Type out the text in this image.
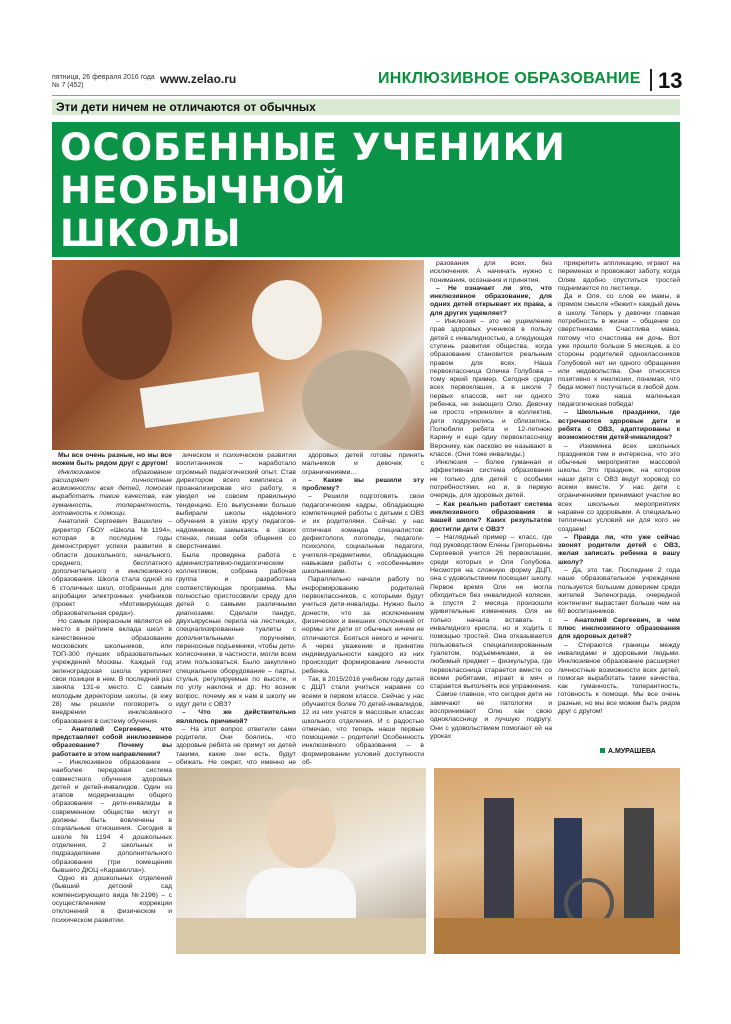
пятница, 26 февраля 2016 года
№ 7 (452)	www.zelao.ru	ИНКЛЮЗИВНОЕ ОБРАЗОВАНИЕ 13
Эти дети ничем не отличаются от обычных
ОСОБЕННЫЕ УЧЕНИКИ
НЕОБЫЧНОЙ
ШКОЛЫ

Мы все очень разные, но мы все можем быть рядом друг с другом!

Инклюзивное образование расширяет личностные возможности всех детей, помогая выработать такие качества, как гуманность, толерантность, готовность к помощи.

Анатолий Сергеевич Вашилин – директор ГБОУ «Школа №1194», которая в последние годы демонстрирует успехи развития в области дошкольного, начального, среднего, бесплатного дополнительного и инклюзивного образования. Школа стала одной из 6 столичных школ, отобранных для апробации электронных учебников (проект «Мотивирующая образовательная среда»).

Но самым прекрасным является её место в рейтинге вклада школ в качественное образование московских школьников, или ТОП-300 лучших образовательных учреждений Москвы. Каждый год зеленоградская школа укрепляет свои позиции в нем. В последний раз заняла 131-е место. С самым молодым директором школы, (в ежу 28) мы решили поговорить о внедрении инклюзивного образования в систему обучения.

– Анатолий Сергеевич, что представляет собой инклюзивное образование? Почему вы работаете в этом направлении?

– Инклюзивное образование – наиболее передовая система совместного обучения здоровых детей и детей-инвалидов. Один из этапов модернизации общего образования – дети-инвалиды в современном обществе могут и должны быть вовлечены в социальные отношения. Сегодня в школе №1194 4 дошкольных отделения, 2 школьных и подразделение дополнительного образования (три помещения бывшего ДЮЦ «Каравелла»).

Одно из дошкольных отделений (бывший детский сад компенсирующего вида №2196) – с осуществлением коррекции отклонений в физическом и психическом развитии.

зическом и психическом развитии воспитанников – наработало огромный педагогический опыт. Став директором всего комплекса и проанализировав его работу, я увидел не совсем правильную тенденцию. Его выпускники больше выбирали школы надомного обучения в узком кругу педагогов-надомников, замыкаясь в своих стенах, лишая себя общения со сверстниками.

Была проведена работа с административно-педагогическим коллективом, собрана рабочая группа и разработана соответствующая программа. Мы полностью пристосовили среду для детей с самыми различными диагнозами. Сделали пандус, двухъярусные перила на лестницах, специализированные туалеты с дополнительными поручнями, переносные подъемники, чтобы дети-колясочники, в частности, могли всем этим пользоваться. Было закуплено специальное оборудование – парты, стулья, регулируемые по высоте, и по углу наклона и др. Но возник вопрос, почему же к нам в школу не идут дети с ОВЗ?

– Что же действительно являлось причиной?

– На этот вопрос ответили сами родители. Они боялись, что здоровые ребята не примут их детей такими, какие они есть, будут обижать. Не секрет, что именно не

здоровых детей готовы принять мальчиков и девочек с ограничениями...

– Какие вы решили эту проблему?

– Решили подготовить свои педагогические кадры, обладающие компетенцией работы с детьми с ОВЗ и их родителями. Сейчас у нас отличная команда специалистов: дефектологи, логопеды, педагоги-психологи, социальные педагоги, учителя-предметники, обладающие навыками работы с «особенными» школьниками.

Параллельно начали работу по информированию родителей первоклассников, с которыми будут учиться дети-инвалиды. Нужно было донести, что за исключением физических и внешних отклонений от нормы эти дети от обычных ничем не отличаются. Бояться некого и нечего. А через уважение и принятие индивидуальности каждого из них происходит формирование личности ребенка.

Так, в 2015/2016 учебном году детей с ДЦП стали учиться наравне со всеми в первом классе. Сейчас у нас обучаются более 70 детей-инвалидов, 12 из них учатся в массовых классах школьного отделения. И с радостью отмечаю, что теперь наши первые помощники – родители! Особенность инклюзивного образования – в формировании условий доступности об-

разования для всех, без исключения. А начинать нужно с понимания, осознания и принятия.

– Не означает ли это, что инклюзивное образование, для одних детей открывает их права, а для других ущемляет?

– Инклюзия – это не ущемление прав здоровых учеников в пользу детей с инвалидностью, а следующая ступень развития общества, когда образование становится реальным правом для всех. Наша первоклассница Олечка Голубова – тому яркий пример. Сегодня среди всех первоклашек, а в школе 7 первых классов, нет ни одного ребенка, не знающего Олю. Девочку не просто «приняли» в коллектив, дети подружились и сблизились. Полюбили ребята и 12-летнюю Карину и еще одну первоклассницу Веронику, как ласково ее называют в классе. (Они тоже инвалиды.)

Инклюзия – более гуманная и эффективная система образования не только для детей с особыми потребностями, но и, в первую очередь, для здоровых детей.

– Как реально работает система инклюзивного образования в вашей школе? Каких результатов достигли дети с ОВЗ?

– Наглядный пример – класс, где под руководством Елены Григорьевны Сергеевой учится 26 первоклашек, среди которых и Оля Голубова. Несмотря на сложную форму ДЦП, она с удовольствием посещает школу. Первое время Оля не могла обходиться без инвалидной коляски, а спустя 2 месяца произошли удивительные изменения. Оля не только начала вставать с инвалидного кресла, но и ходить с помощью тростей. Она отказывается пользоваться специализированным туалетом, подъемниками, а ее любимый предмет – физкультура, где первоклассница старается вместе со всеми ребятами, играет в мяч и старается выполнять все упражнения.

Самое главное, что сегодня дети не замечают ее патологии и воспринимают Олю как свою одноклассницу и лучшую подругу. Они с удовольствием помогают ей на уроках

прикрепить аппликацию, играют на переменах и провожают заботу, когда Олям вдобно спуститься тростей поднимается по лестнице.

Да и Оля, со слов ее мамы, в прямом смысле «бежит» каждый день в школу. Теперь у девочки главная потребность в жизни – общение со сверстниками. Счастлива мама, потому что счастлива ее дочь. Вот уже прошло больше 5 месяцев, а со стороны родителей одноклассников Голубовой нет ни одного обращения или недовольства. Они относятся позитивно к инклюзии, понимая, что беда может постучаться в любой дом. Это тоже наша маленькая педагогическая победа!

– Школьные праздники, где встречаются здоровые дети и ребята с ОВЗ, адаптированы к возможностям детей-инвалидов?

– Изюминка всех школьных праздников тем и интересна, что это обычные мероприятия массовой школы. Это праздник, на котором наши дети с ОВЗ ведут хоровод со всеми вместе. У нас дети с ограничениями принимают участие во всех школьных мероприятиях наравне со здоровыми. А специально тепличных условий ни для кого не создаем!

– Правда ли, что уже сейчас звонят родители детей с ОВЗ, желая записать ребенка в вашу школу?

– Да, это так. Последние 2 года наше образовательное учреждение пользуется большим доверием среди жителей Зеленограда, очередной контингент вырастает больше чем на 60 воспитанников.

– Анатолий Сергеевич, в чем плюс инклюзивного образования для здоровых детей?

– Стираются границы между инвалидами и здоровыми людьми. Инклюзивное образование расширяет личностные возможности всех детей, помогая выработать такие качества, как гуманность, толерантность, готовность к помощи. Мы все очень разные, но мы все можем быть рядом друг с другом!

А.МУРАШЕВА
